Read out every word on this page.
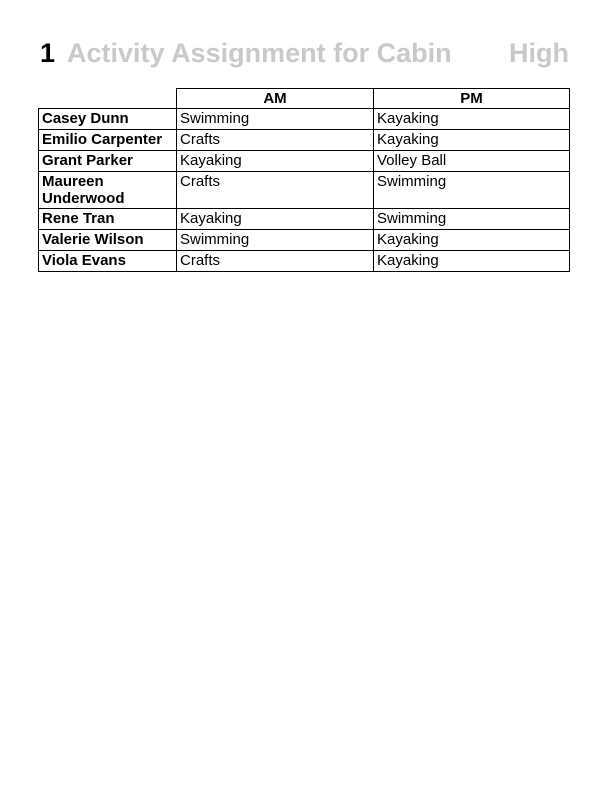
1 Activity Assignment for Cabin High
	AM	PM
Casey Dunn	Swimming	Kayaking
Emilio Carpenter	Crafts	Kayaking
Grant Parker	Kayaking	Volley Ball
Maureen Underwood	Crafts	Swimming
Rene Tran	Kayaking	Swimming
Valerie Wilson	Swimming	Kayaking
Viola Evans	Crafts	Kayaking
